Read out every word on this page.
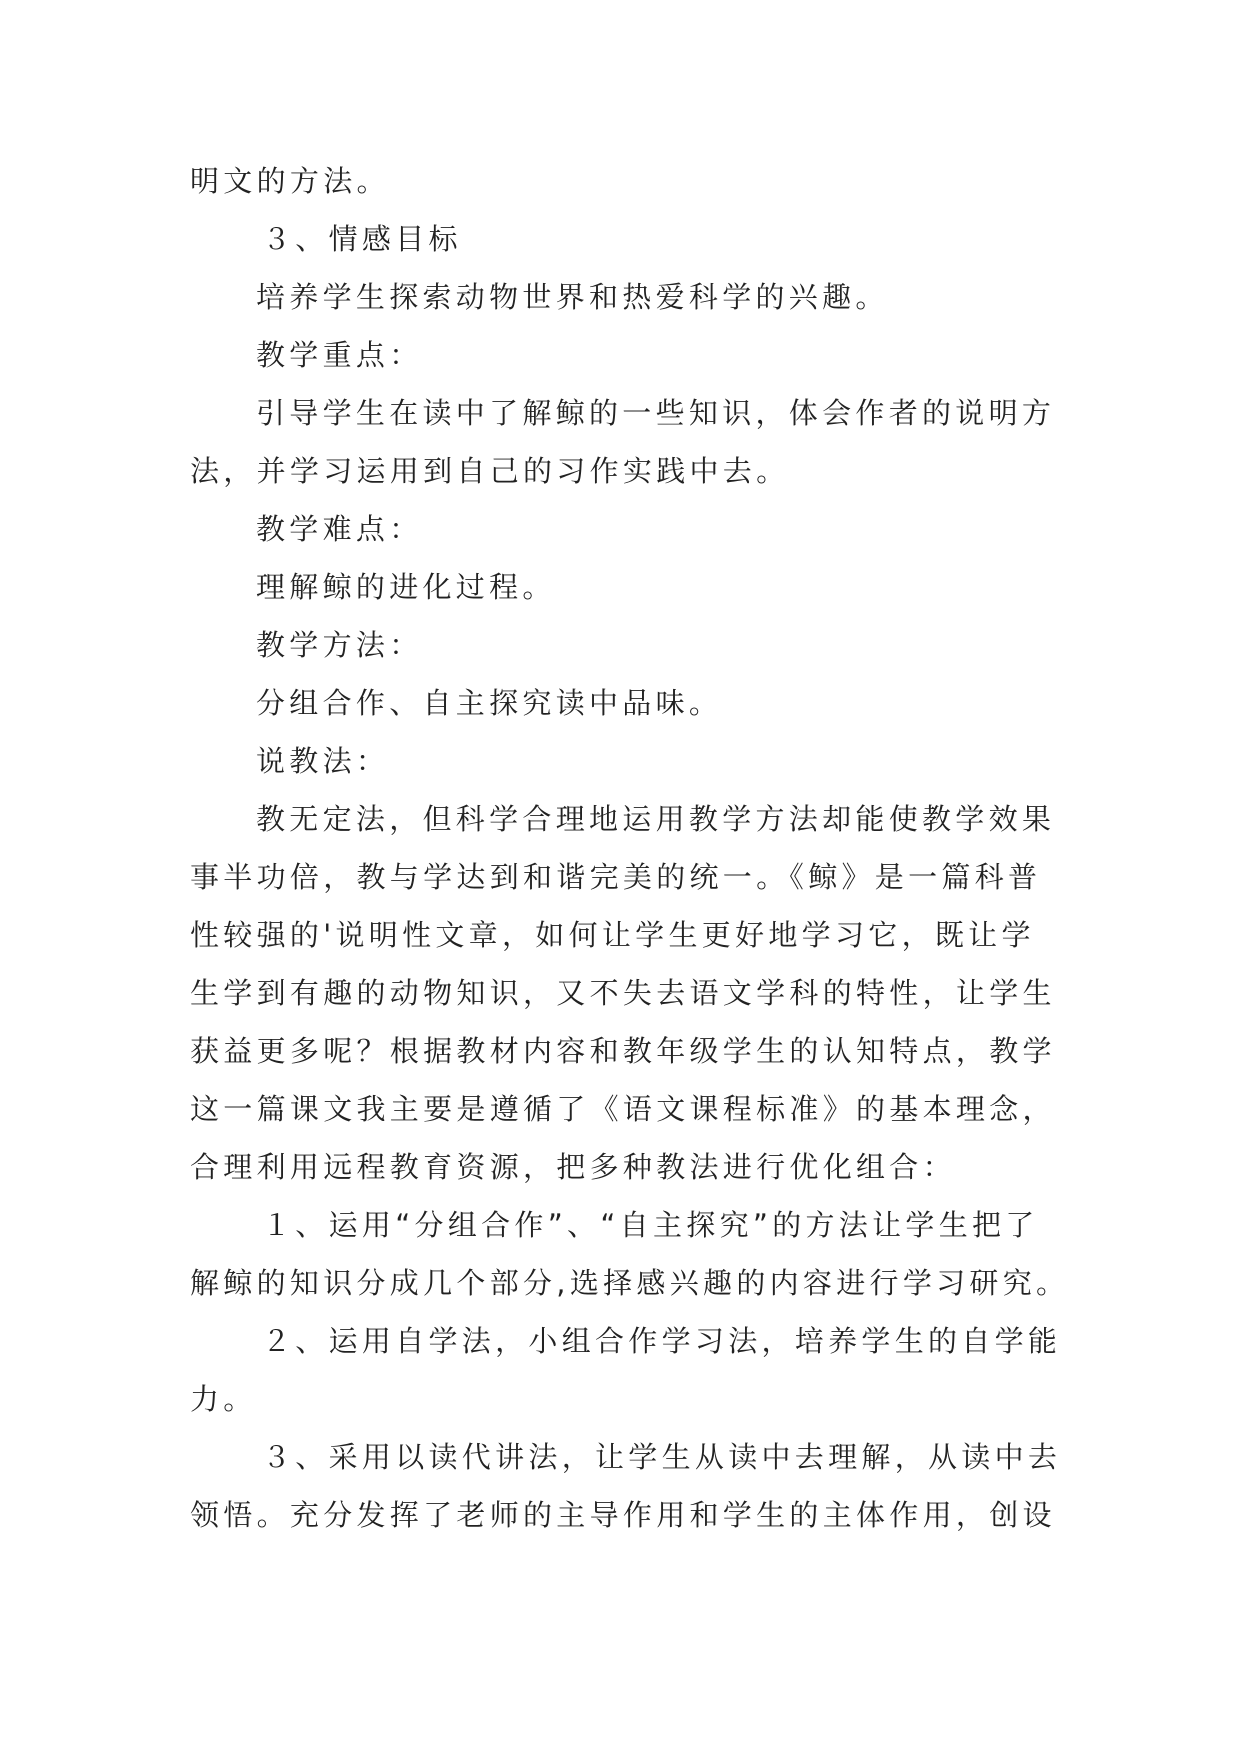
明文的方法。
３、情感目标
培养学生探索动物世界和热爱科学的兴趣。
教学重点：
引导学生在读中了解鲸的一些知识，体会作者的说明方
法，并学习运用到自己的习作实践中去。
教学难点：
理解鲸的进化过程。
教学方法：
分组合作、自主探究读中品味。
说教法：
教无定法，但科学合理地运用教学方法却能使教学效果
事半功倍，教与学达到和谐完美的统一。《鲸》是一篇科普
性较强的'说明性文章，如何让学生更好地学习它，既让学
生学到有趣的动物知识，又不失去语文学科的特性，让学生
获益更多呢？根据教材内容和教年级学生的认知特点，教学
这一篇课文我主要是遵循了《语文课程标准》的基本理念，
合理利用远程教育资源，把多种教法进行优化组合：
１、运用“分组合作”、“自主探究”的方法让学生把了
解鲸的知识分成几个部分,选择感兴趣的内容进行学习研究。
２、运用自学法，小组合作学习法，培养学生的自学能
力。
３、采用以读代讲法，让学生从读中去理解，从读中去
领悟。充分发挥了老师的主导作用和学生的主体作用，创设
